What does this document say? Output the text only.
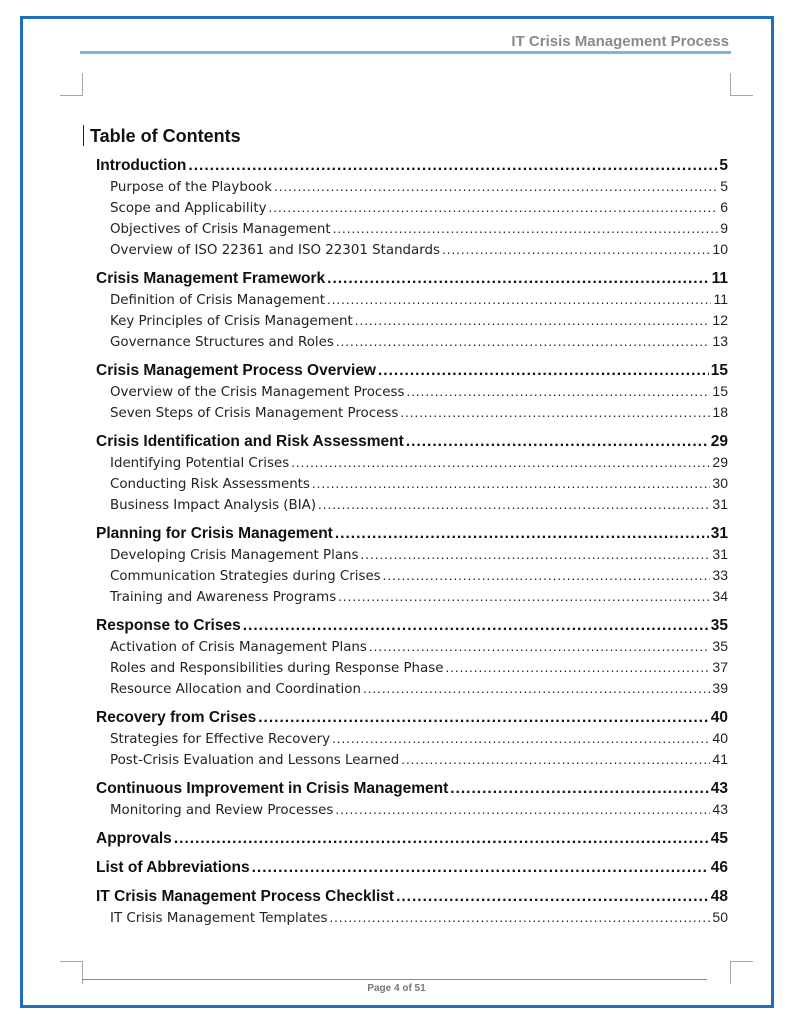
IT Crisis Management Process
Table of Contents
Introduction .....	5
Purpose of the Playbook .....	5
Scope and Applicability .....	6
Objectives of Crisis Management .....	9
Overview of ISO 22361 and ISO 22301 Standards .....	10
Crisis Management Framework .....	11
Definition of Crisis Management .....	11
Key Principles of Crisis Management .....	12
Governance Structures and Roles .....	13
Crisis Management Process Overview .....	15
Overview of the Crisis Management Process .....	15
Seven Steps of Crisis Management Process .....	18
Crisis Identification and Risk Assessment .....	29
Identifying Potential Crises .....	29
Conducting Risk Assessments .....	30
Business Impact Analysis (BIA) .....	31
Planning for Crisis Management .....	31
Developing Crisis Management Plans .....	31
Communication Strategies during Crises .....	33
Training and Awareness Programs .....	34
Response to Crises .....	35
Activation of Crisis Management Plans .....	35
Roles and Responsibilities during Response Phase .....	37
Resource Allocation and Coordination .....	39
Recovery from Crises .....	40
Strategies for Effective Recovery .....	40
Post-Crisis Evaluation and Lessons Learned .....	41
Continuous Improvement in Crisis Management .....	43
Monitoring and Review Processes .....	43
Approvals .....	45
List of Abbreviations .....	46
IT Crisis Management Process Checklist .....	48
IT Crisis Management Templates .....	50
Page 4 of 51
